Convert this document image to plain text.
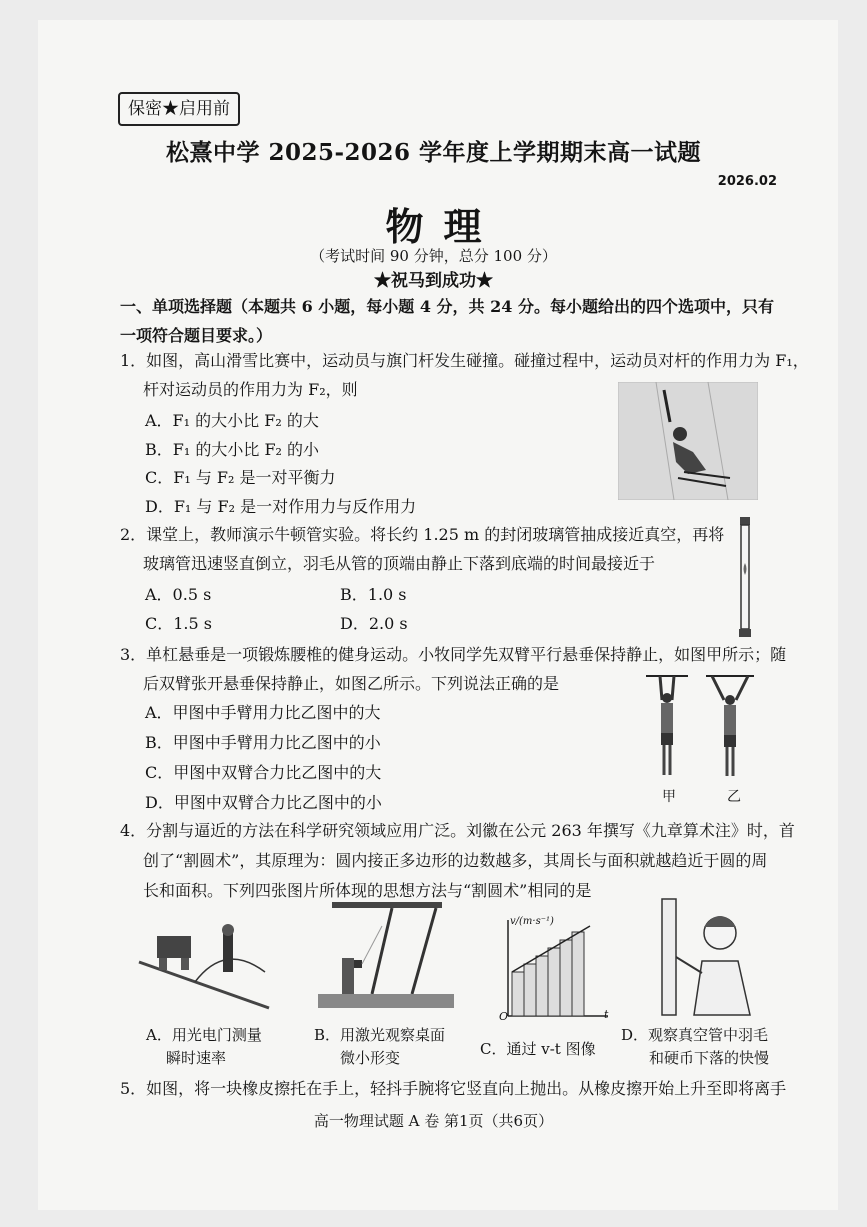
保密★启用前
松熹中学 2025-2026 学年度上学期期末高一试题
2026.02
物理
（考试时间 90 分钟，总分 100 分）
★祝马到成功★
一、单项选择题（本题共 6 小题，每小题 4 分，共 24 分。每小题给出的四个选项中，只有一项符合题目要求。）
1．如图，高山滑雪比赛中，运动员与旗门杆发生碰撞。碰撞过程中，运动员对杆的作用力为 F₁，
杆对运动员的作用力为 F₂，则
A．F₁ 的大小比 F₂ 的大
B．F₁ 的大小比 F₂ 的小
C．F₁ 与 F₂ 是一对平衡力
D．F₁ 与 F₂ 是一对作用力与反作用力
2．课堂上，教师演示牛顿管实验。将长约 1.25 m 的封闭玻璃管抽成接近真空，再将
玻璃管迅速竖直倒立，羽毛从管的顶端由静止下落到底端的时间最接近于
A．0.5 s	B．1.0 s
C．1.5 s	D．2.0 s
3．单杠悬垂是一项锻炼腰椎的健身运动。小牧同学先双臂平行悬垂保持静止，如图甲所示；随
后双臂张开悬垂保持静止，如图乙所示。下列说法正确的是
A．甲图中手臂用力比乙图中的大
B．甲图中手臂用力比乙图中的小
C．甲图中双臂合力比乙图中的大
D．甲图中双臂合力比乙图中的小	甲	乙
4．分割与逼近的方法在科学研究领域应用广泛。刘徽在公元 263 年撰写《九章算术注》时，首
创了“割圆术”，其原理为：圆内接正多边形的边数越多，其周长与面积就越趋近于圆的周
长和面积。下列四张图片所体现的思想方法与“割圆术”相同的是
v/(m·s⁻¹)
O	t
A．用光电门测量
瞬时速率
B．用激光观察桌面
微小形变	C．通过 v-t 图像
D．观察真空管中羽毛
和硬币下落的快慢
5．如图，将一块橡皮擦托在手上，轻抖手腕将它竖直向上抛出。从橡皮擦开始上升至即将离手
高一物理试题 A 卷 第1页（共6页）
